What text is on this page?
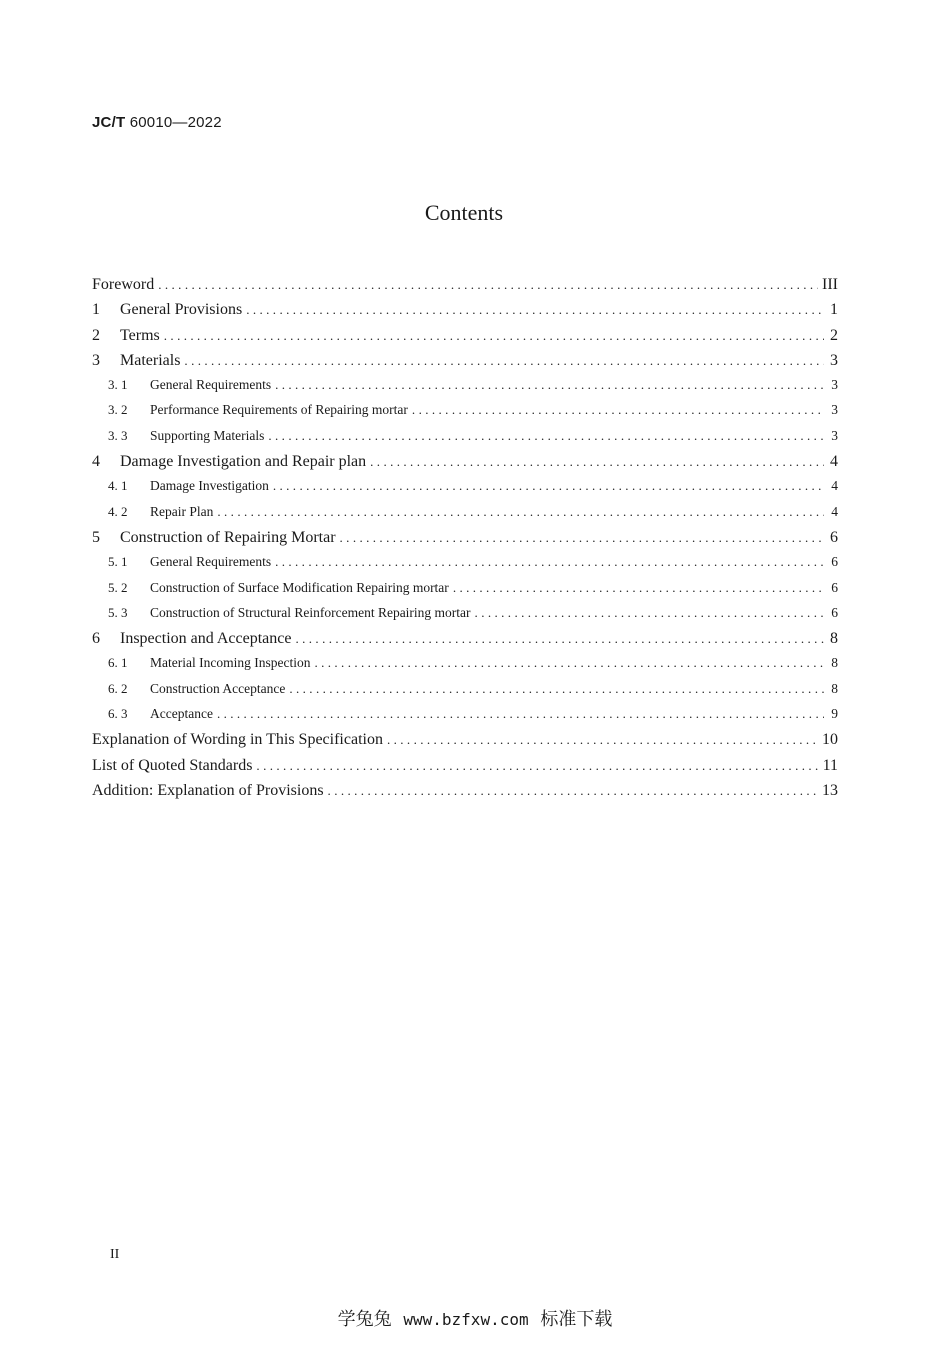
JC/T 60010—2022
Contents
Foreword .....	III
1	General Provisions .....	1
2	Terms .....	2
3	Materials .....	3
3. 1	General Requirements .....	3
3. 2	Performance Requirements of Repairing mortar .....	3
3. 3	Supporting Materials .....	3
4	Damage Investigation and Repair plan .....	4
4. 1	Damage Investigation .....	4
4. 2	Repair Plan .....	4
5	Construction of Repairing Mortar .....	6
5. 1	General Requirements .....	6
5. 2	Construction of Surface Modification Repairing mortar .....	6
5. 3	Construction of Structural Reinforcement Repairing mortar .....	6
6	Inspection and Acceptance .....	8
6. 1	Material Incoming Inspection .....	8
6. 2	Construction Acceptance .....	8
6. 3	Acceptance .....	9
Explanation of Wording in This Specification .....	10
List of Quoted Standards .....	11
Addition: Explanation of Provisions .....	13
II
学兔兔 www.bzfxw.com 标准下载
